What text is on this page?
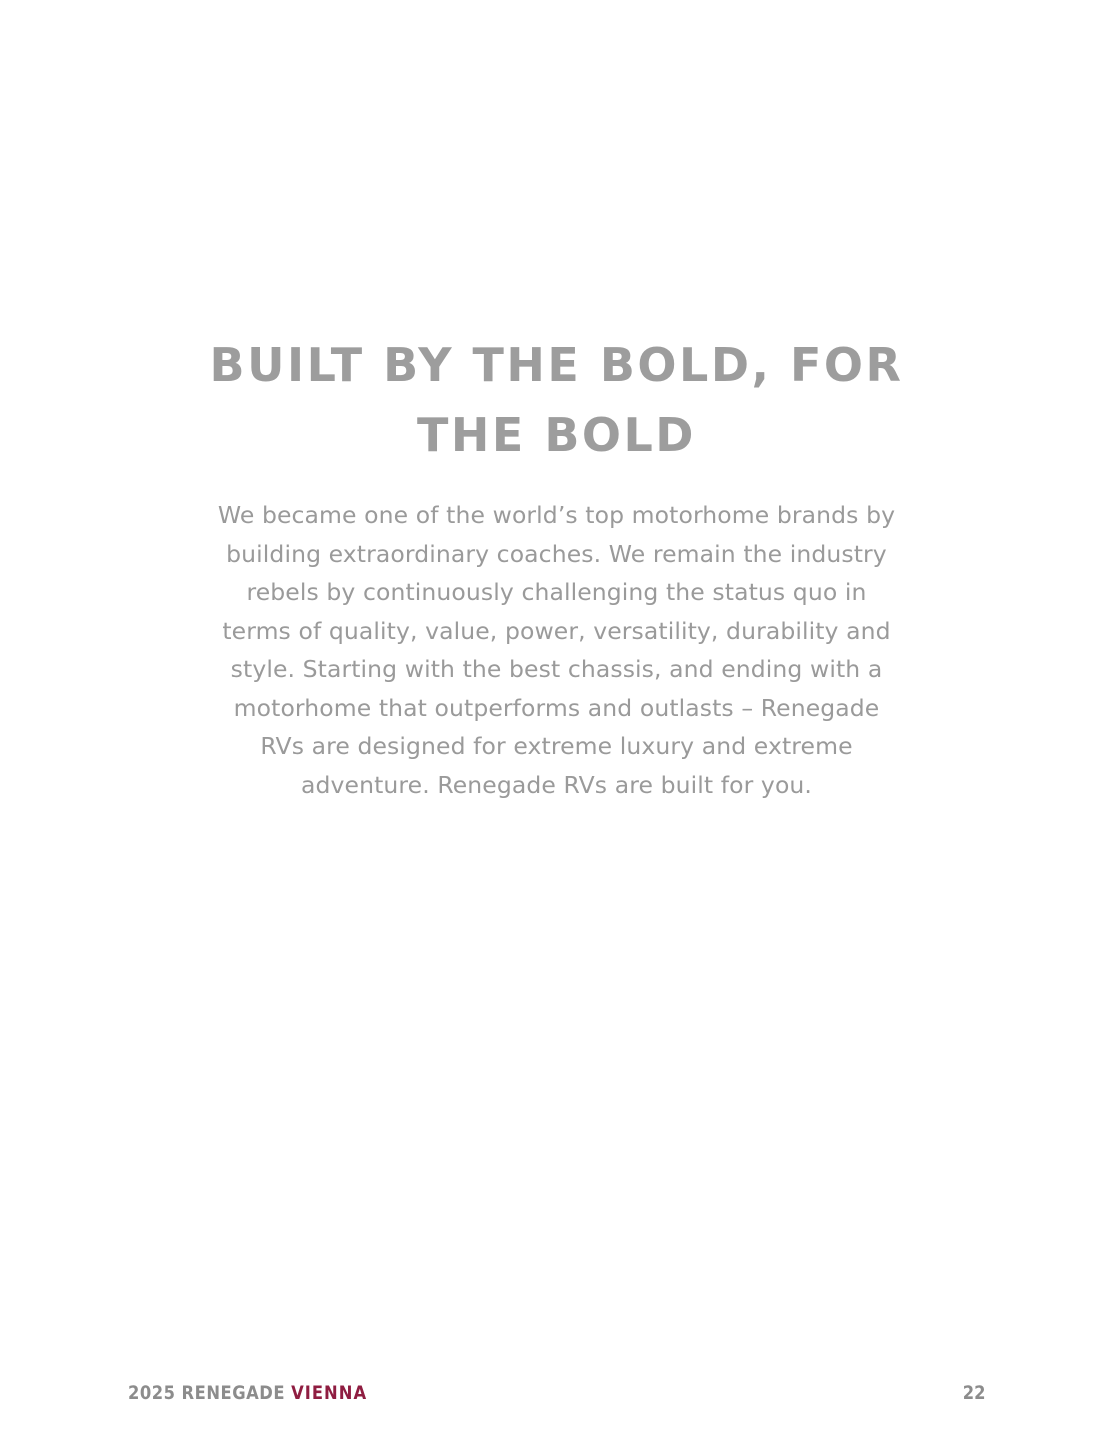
BUILT BY THE BOLD, FOR THE BOLD

We became one of the world’s top motorhome brands by building extraordinary coaches. We remain the industry rebels by continuously challenging the status quo in terms of quality, value, power, versatility, durability and style. Starting with the best chassis, and ending with a motorhome that outperforms and outlasts – Renegade RVs are designed for extreme luxury and extreme adventure. Renegade RVs are built for you.

2025 RENEGADE VIENNA	22
